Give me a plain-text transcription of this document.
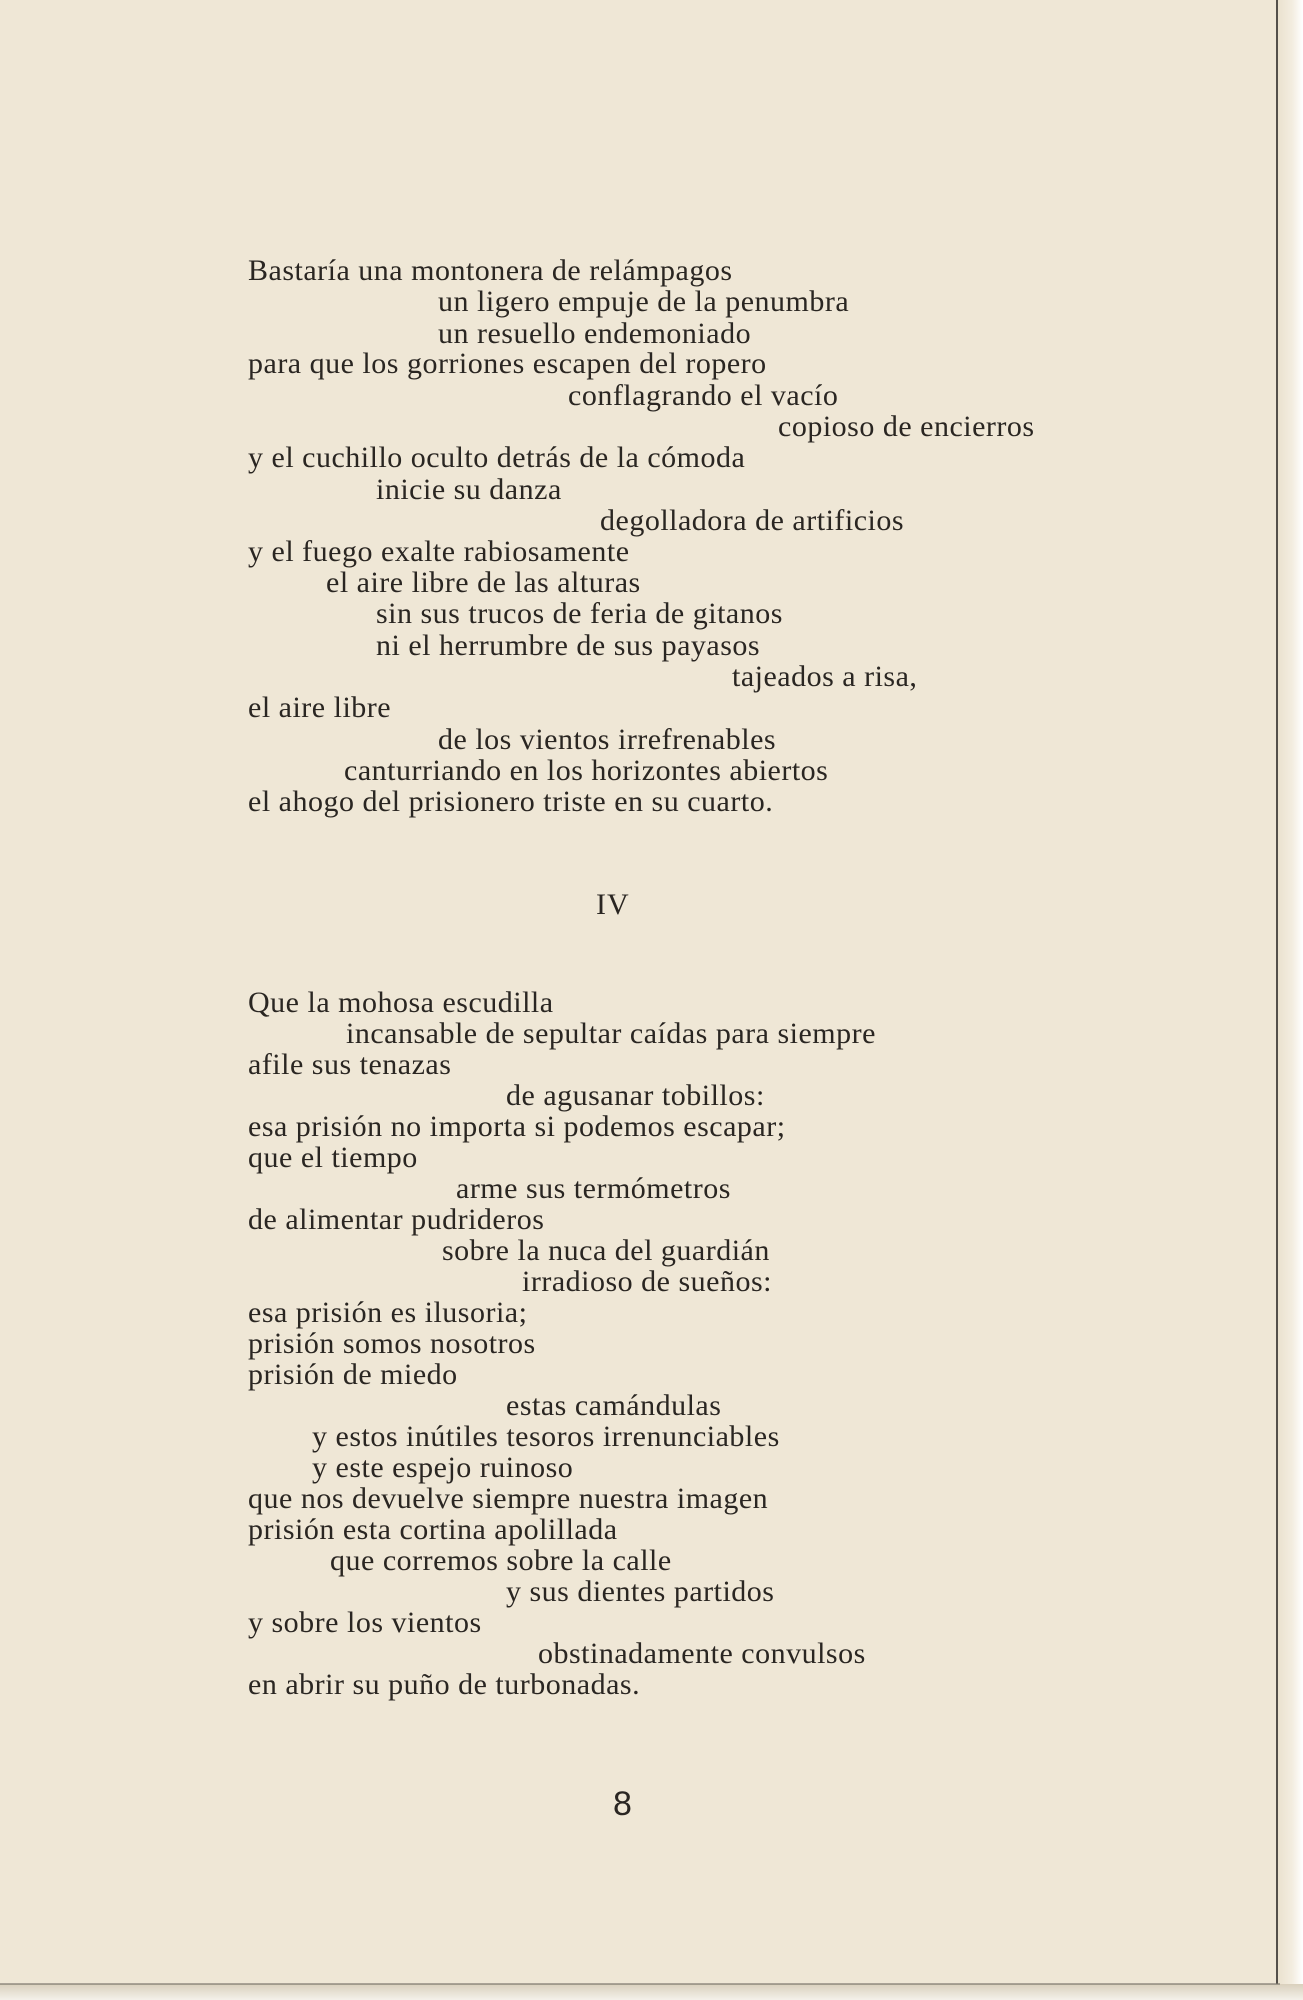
Bastaría una montonera de relámpagos
un ligero empuje de la penumbra
un resuello endemoniado
para que los gorriones escapen del ropero
conflagrando el vacío
copioso de encierros
y el cuchillo oculto detrás de la cómoda
inicie su danza
degolladora de artificios
y el fuego exalte rabiosamente
el aire libre de las alturas
sin sus trucos de feria de gitanos
ni el herrumbre de sus payasos
tajeados a risa,
el aire libre
de los vientos irrefrenables
canturriando en los horizontes abiertos
el ahogo del prisionero triste en su cuarto.
IV
Que la mohosa escudilla
incansable de sepultar caídas para siempre
afile sus tenazas
de agusanar tobillos:
esa prisión no importa si podemos escapar;
que el tiempo
arme sus termómetros
de alimentar pudrideros
sobre la nuca del guardián
irradioso de sueños:
esa prisión es ilusoria;
prisión somos nosotros
prisión de miedo
estas camándulas
y estos inútiles tesoros irrenunciables
y este espejo ruinoso
que nos devuelve siempre nuestra imagen
prisión esta cortina apolillada
que corremos sobre la calle
y sus dientes partidos
y sobre los vientos
obstinadamente convulsos
en abrir su puño de turbonadas.
8
